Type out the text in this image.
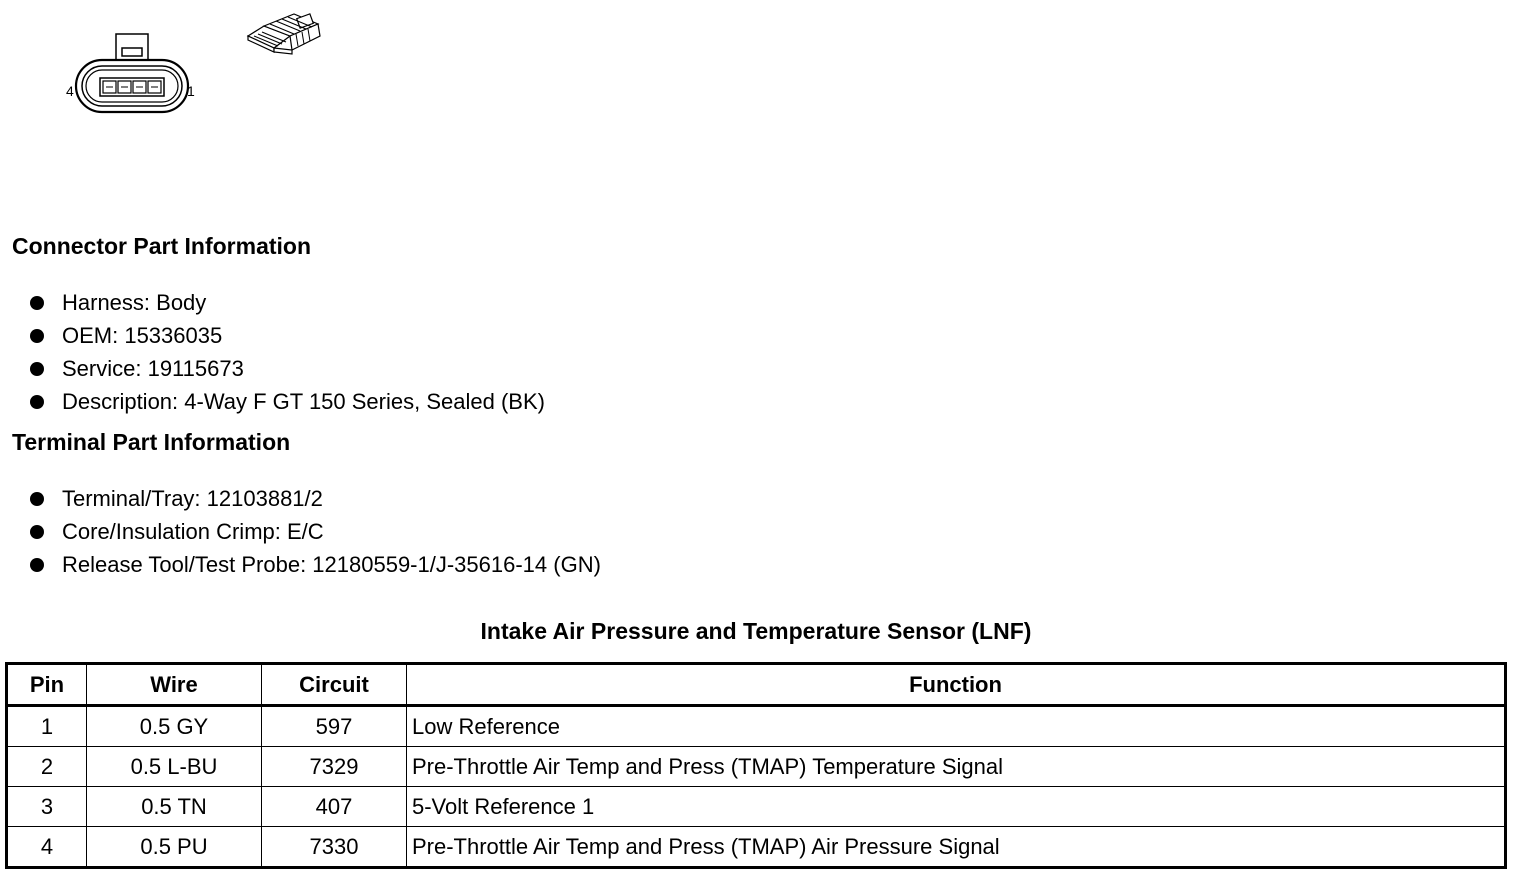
4	1
Connector Part Information
Harness: Body
OEM: 15336035
Service: 19115673
Description: 4-Way F GT 150 Series, Sealed (BK)
Terminal Part Information
Terminal/Tray: 12103881/2
Core/Insulation Crimp: E/C
Release Tool/Test Probe: 12180559-1/J-35616-14 (GN)
Intake Air Pressure and Temperature Sensor (LNF)
Pin	Wire	Circuit	Function
1	0.5 GY	597	Low Reference
2	0.5 L-BU	7329	Pre-Throttle Air Temp and Press (TMAP) Temperature Signal
3	0.5 TN	407	5-Volt Reference 1
4	0.5 PU	7330	Pre-Throttle Air Temp and Press (TMAP) Air Pressure Signal
